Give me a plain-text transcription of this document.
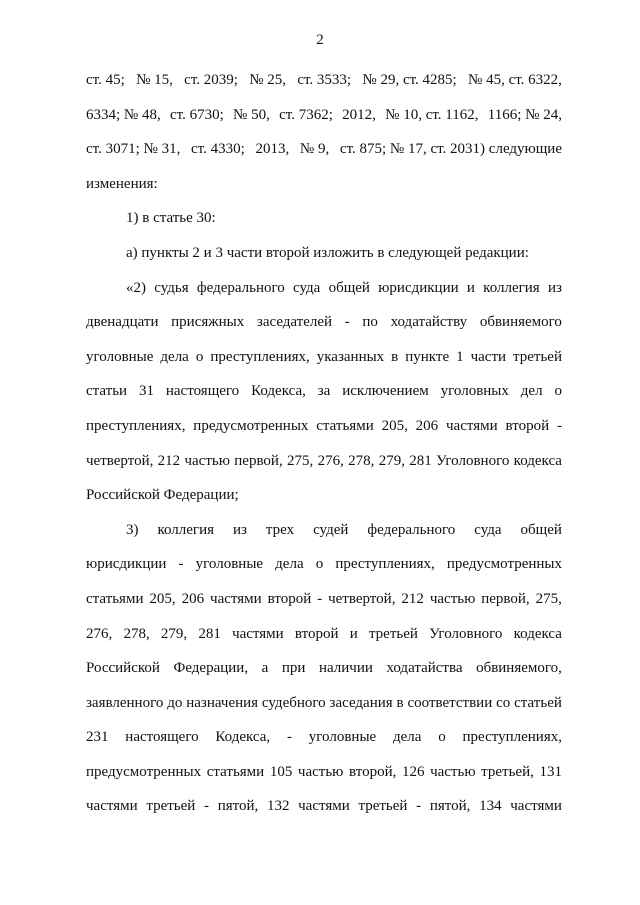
2
ст. 45; № 15, ст. 2039; № 25, ст. 3533; № 29, ст. 4285; № 45, ст. 6322,
6334; № 48, ст. 6730; № 50, ст. 7362; 2012, № 10, ст. 1162, 1166; № 24,
ст. 3071; № 31, ст. 4330; 2013, № 9, ст. 875; № 17, ст. 2031) следующие
изменения:
1) в статье 30:
а) пункты 2 и 3 части второй изложить в следующей редакции:
«2) судья федерального суда общей юрисдикции и коллегия из
двенадцати присяжных заседателей - по ходатайству обвиняемого
уголовные дела о преступлениях, указанных в пункте 1 части третьей
статьи 31 настоящего Кодекса, за исключением уголовных дел о
преступлениях, предусмотренных статьями 205, 206 частями второй -
четвертой, 212 частью первой, 275, 276, 278, 279, 281 Уголовного кодекса
Российской Федерации;
3) коллегия из трех судей федерального суда общей
юрисдикции - уголовные дела о преступлениях, предусмотренных
статьями 205, 206 частями второй - четвертой, 212 частью первой, 275,
276, 278, 279, 281 частями второй и третьей Уголовного кодекса
Российской Федерации, а при наличии ходатайства обвиняемого,
заявленного до назначения судебного заседания в соответствии со статьей
231 настоящего Кодекса, - уголовные дела о преступлениях,
предусмотренных статьями 105 частью второй, 126 частью третьей, 131
частями третьей - пятой, 132 частями третьей - пятой, 134 частями
